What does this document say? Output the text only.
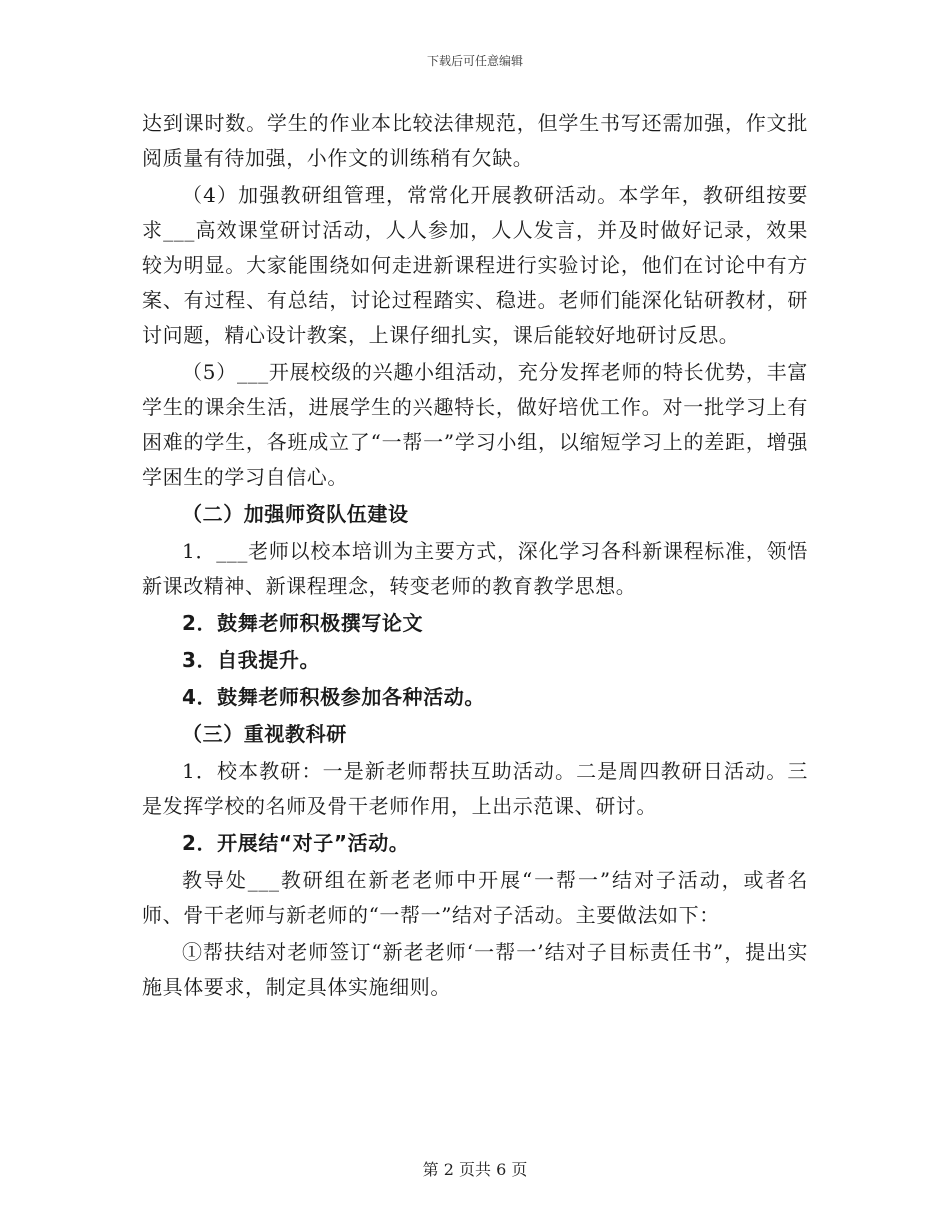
下载后可任意编辑

达到课时数。学生的作业本比较法律规范，但学生书写还需加强，作文批阅质量有待加强，小作文的训练稍有欠缺。

（4）加强教研组管理，常常化开展教研活动。本学年，教研组按要求___高效课堂研讨活动，人人参加，人人发言，并及时做好记录，效果较为明显。大家能围绕如何走进新课程进行实验讨论，他们在讨论中有方案、有过程、有总结，讨论过程踏实、稳进。老师们能深化钻研教材，研讨问题，精心设计教案，上课仔细扎实，课后能较好地研讨反思。

（5）___开展校级的兴趣小组活动，充分发挥老师的特长优势，丰富学生的课余生活，进展学生的兴趣特长，做好培优工作。对一批学习上有困难的学生，各班成立了“一帮一”学习小组，以缩短学习上的差距，增强学困生的学习自信心。

（二）加强师资队伍建设

1．___老师以校本培训为主要方式，深化学习各科新课程标准，领悟新课改精神、新课程理念，转变老师的教育教学思想。

2．鼓舞老师积极撰写论文

3．自我提升。

4．鼓舞老师积极参加各种活动。

（三）重视教科研

1．校本教研：一是新老师帮扶互助活动。二是周四教研日活动。三是发挥学校的名师及骨干老师作用，上出示范课、研讨。

2．开展结“对子”活动。

教导处___教研组在新老老师中开展“一帮一”结对子活动，或者名师、骨干老师与新老师的“一帮一”结对子活动。主要做法如下：

①帮扶结对老师签订“新老老师‘一帮一’结对子目标责任书”，提出实施具体要求，制定具体实施细则。

第 2 页共 6 页
